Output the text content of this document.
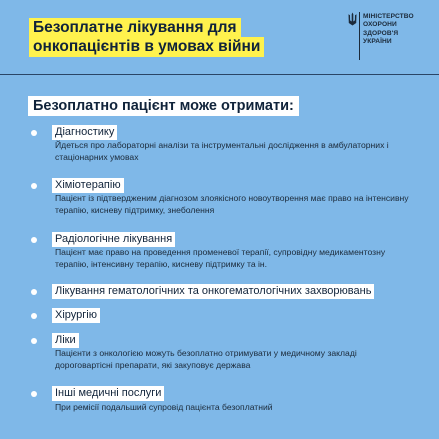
Безоплатне лікування для
онкопацієнтів в умовах війни
МІНІСТЕРСТВО
ОХОРОНИ
ЗДОРОВ'Я
УКРАЇНИ
Безоплатно пацієнт може отримати:
Діагностику
Йдеться про лабораторні аналізи та інструментальні дослідження в амбулаторних і стаціонарних умовах
Хіміотерапію
Пацієнт із підтвердженим діагнозом злоякісного новоутворення має право на інтенсивну терапію, кисневу підтримку, знеболення
Радіологічне лікування
Пацієнт має право на проведення променевої терапії, супровідну медикаментозну терапію, інтенсивну терапію, кисневу підтримку та ін.
Лікування гематологічних та онкогематологічних захворювань
Хірургію
Ліки
Пацієнти з онкологією можуть безоплатно отримувати у медичному закладі дороговартісні препарати, які закуповує держава
Інші медичні послуги
При ремісії подальший супровід пацієнта безоплатний
